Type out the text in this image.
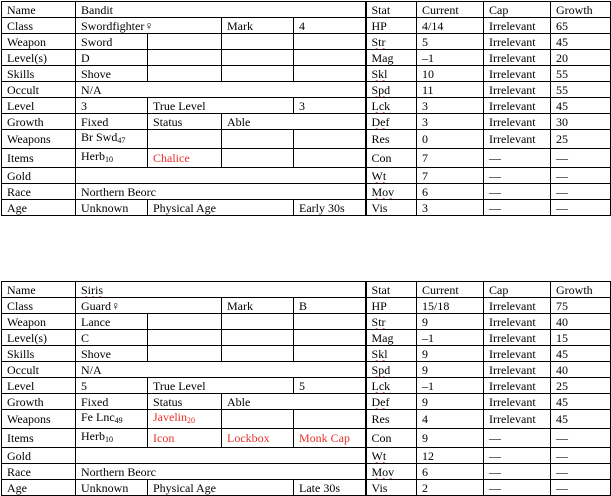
Name	Bandit				Stat	Current	Cap	Growth
Class	Swordfighter♀		Mark	4	HP	4/14	Irrelevant	65
Weapon	Sword				Str	5	Irrelevant	45
Level(s)	D				Mag	–1	Irrelevant	20
Skills	Shove				Skl	10	Irrelevant	55
Occult	N/A				Spd	11	Irrelevant	55
Level	3	True Level		3	Lck	3	Irrelevant	45
Growth	Fixed	Status	Able		Def	3	Irrelevant	30
Weapons	Br Swd$_{47}$				Res	0	Irrelevant	25
Items	Herb$_{10}$	Chalice			Con	7	—	—
Gold					Wt	7	—	—
Race	Northern Beorc				Mov	6	—	—
Age	Unknown	Physical Age		Early 30s	Vis	3	—	—
Name	Siris				Stat	Current	Cap	Growth
Class	Guard♀		Mark	B	HP	15/18	Irrelevant	75
Weapon	Lance				Str	9	Irrelevant	40
Level(s)	C				Mag	–1	Irrelevant	15
Skills	Shove				Skl	9	Irrelevant	45
Occult	N/A				Spd	9	Irrelevant	40
Level	5	True Level		5	Lck	–1	Irrelevant	25
Growth	Fixed	Status	Able		Def	9	Irrelevant	45
Weapons	Fe Lnc$_{49}$	Javelin$_{20}$			Res	4	Irrelevant	45
Items	Herb$_{10}$	Icon	Lockbox	Monk Cap	Con	9	—	—
Gold					Wt	12	—	—
Race	Northern Beorc				Mov	6	—	—
Age	Unknown	Physical Age		Late 30s	Vis	2	—	—
